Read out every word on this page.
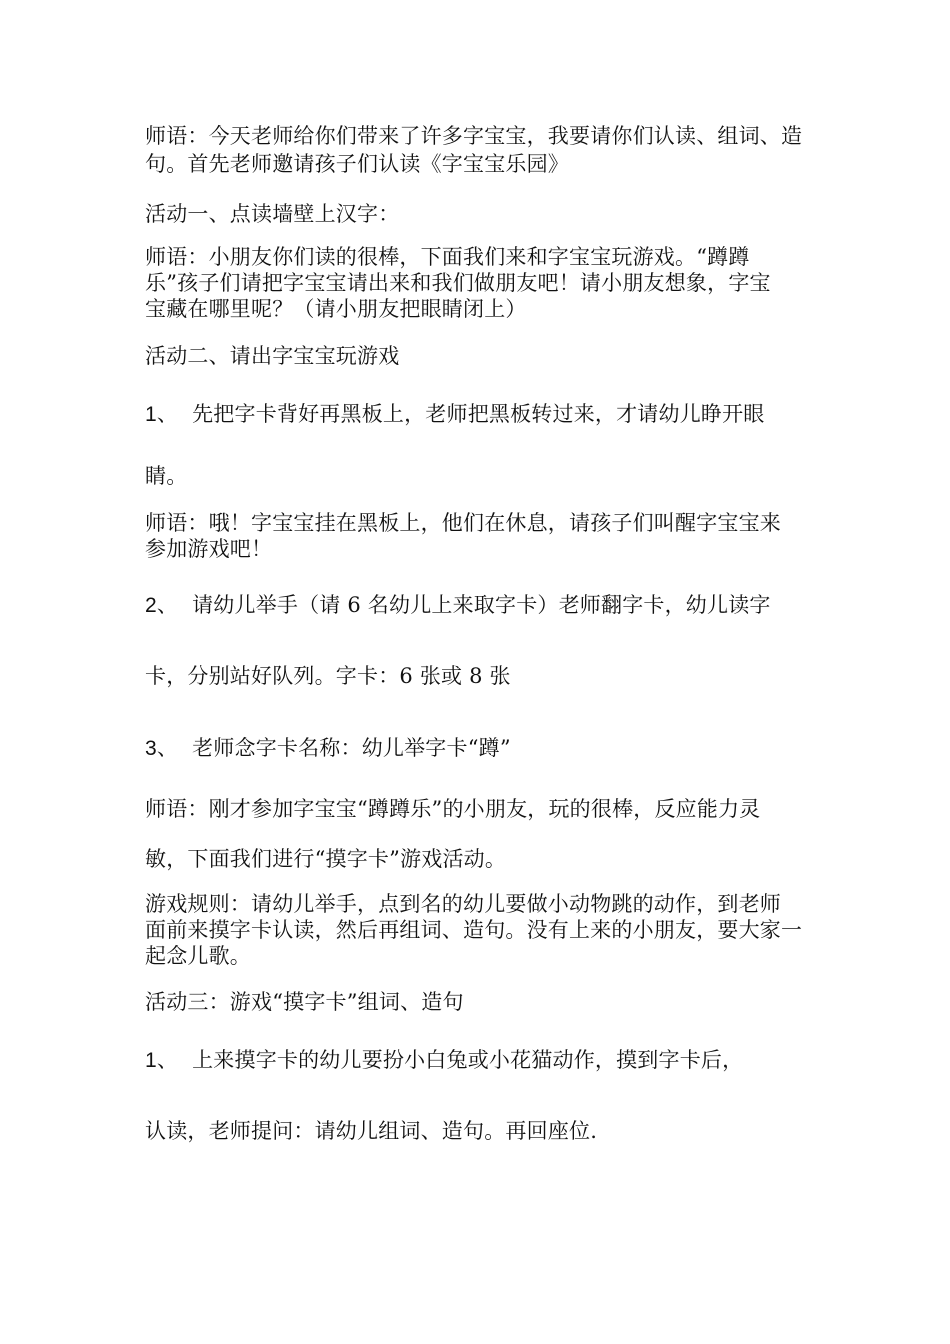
师语：今天老师给你们带来了许多字宝宝，我要请你们认读、组词、造
句。首先老师邀请孩子们认读《字宝宝乐园》
活动一、点读墙壁上汉字：
师语：小朋友你们读的很棒，下面我们来和字宝宝玩游戏。“蹲蹲
乐”孩子们请把字宝宝请出来和我们做朋友吧！请小朋友想象，字宝
宝藏在哪里呢？（请小朋友把眼睛闭上）
活动二、请出字宝宝玩游戏
1、 先把字卡背好再黑板上，老师把黑板转过来，才请幼儿睁开眼
睛。
师语：哦！字宝宝挂在黑板上，他们在休息，请孩子们叫醒字宝宝来
参加游戏吧！
2、 请幼儿举手（请 6 名幼儿上来取字卡）老师翻字卡，幼儿读字
卡，分别站好队列。字卡：6 张或 8 张
3、 老师念字卡名称：幼儿举字卡“蹲”
师语：刚才参加字宝宝“蹲蹲乐”的小朋友，玩的很棒，反应能力灵
敏，下面我们进行“摸字卡”游戏活动。
游戏规则：请幼儿举手，点到名的幼儿要做小动物跳的动作，到老师
面前来摸字卡认读，然后再组词、造句。没有上来的小朋友，要大家一
起念儿歌。
活动三：游戏“摸字卡”组词、造句
1、 上来摸字卡的幼儿要扮小白兔或小花猫动作，摸到字卡后，
认读，老师提问：请幼儿组词、造句。再回座位.
